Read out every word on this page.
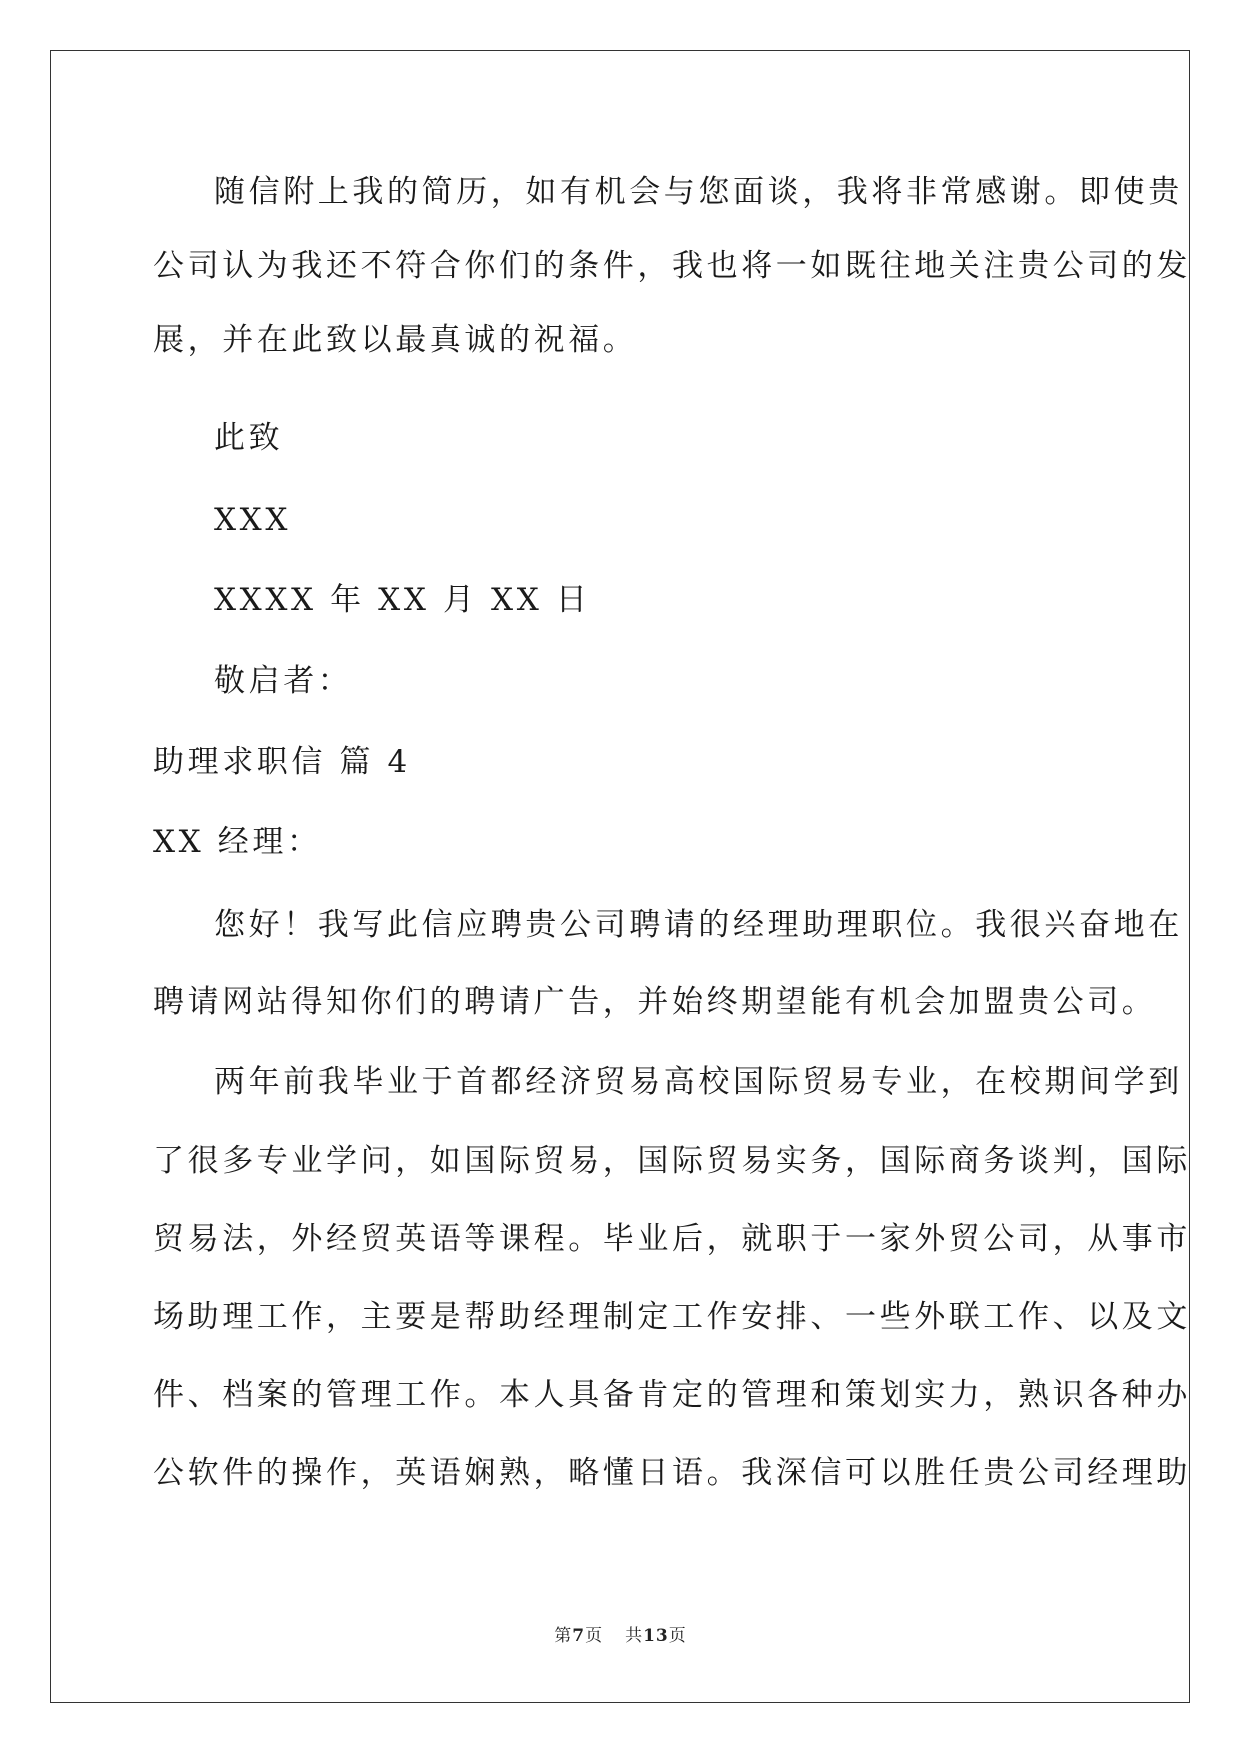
随信附上我的简历，如有机会与您面谈，我将非常感谢。即使贵
公司认为我还不符合你们的条件，我也将一如既往地关注贵公司的发
展，并在此致以最真诚的祝福。
此致
XXX
XXXX 年 XX 月 XX 日
敬启者：
助理求职信 篇 4
XX 经理：
您好！我写此信应聘贵公司聘请的经理助理职位。我很兴奋地在
聘请网站得知你们的聘请广告，并始终期望能有机会加盟贵公司。
两年前我毕业于首都经济贸易高校国际贸易专业，在校期间学到
了很多专业学问，如国际贸易，国际贸易实务，国际商务谈判，国际
贸易法，外经贸英语等课程。毕业后，就职于一家外贸公司，从事市
场助理工作，主要是帮助经理制定工作安排、一些外联工作、以及文
件、档案的管理工作。本人具备肯定的管理和策划实力，熟识各种办
公软件的操作，英语娴熟，略懂日语。我深信可以胜任贵公司经理助
第7页 共13页
